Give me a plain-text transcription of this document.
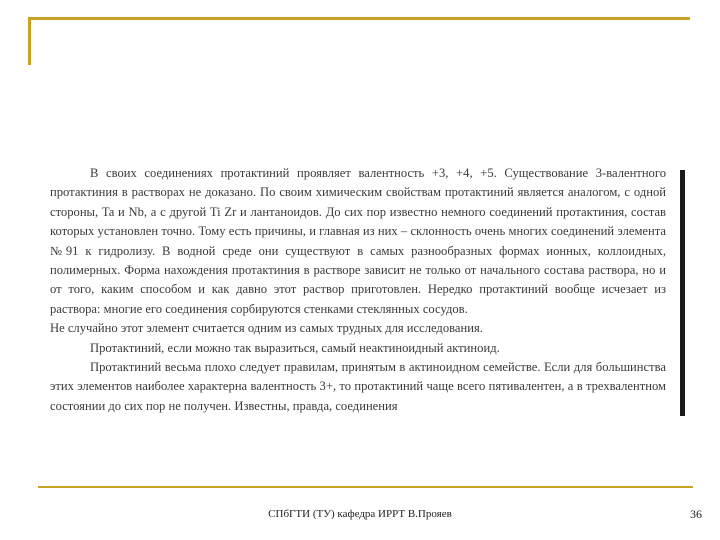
В своих соединениях протактиний проявляет валентность +3, +4, +5. Существование 3-валентного протактиния в растворах не доказано. По своим химическим свойствам протактиний является аналогом, с одной стороны, Ta и Nb, а с другой Ti Zr и лантаноидов. До сих пор известно немного соединений протактиния, состав которых установлен точно. Тому есть причины, и главная из них – склонность очень многих соединений элемента №91 к гидролизу. В водной среде они существуют в самых разнообразных формах ионных, коллоидных, полимерных. Форма нахождения протактиния в растворе зависит не только от начального состава раствора, но и от того, каким способом и как давно этот раствор приготовлен. Нередко протактиний вообще исчезает из раствора: многие его соединения сорбируются стенками стеклянных сосудов.

Не случайно этот элемент считается одним из самых трудных для исследования.

Протактиний, если можно так выразиться, самый неактиноидный актиноид.

Протактиний весьма плохо следует правилам, принятым в актиноидном семействе. Если для большинства этих элементов наиболее характерна валентность 3+, то протактиний чаще всего пятивалентен, а в трехвалентном состоянии до сих пор не получен. Известны, правда, соединения

СПбГТИ (ТУ) кафедра ИРРТ В.Прояев	36
